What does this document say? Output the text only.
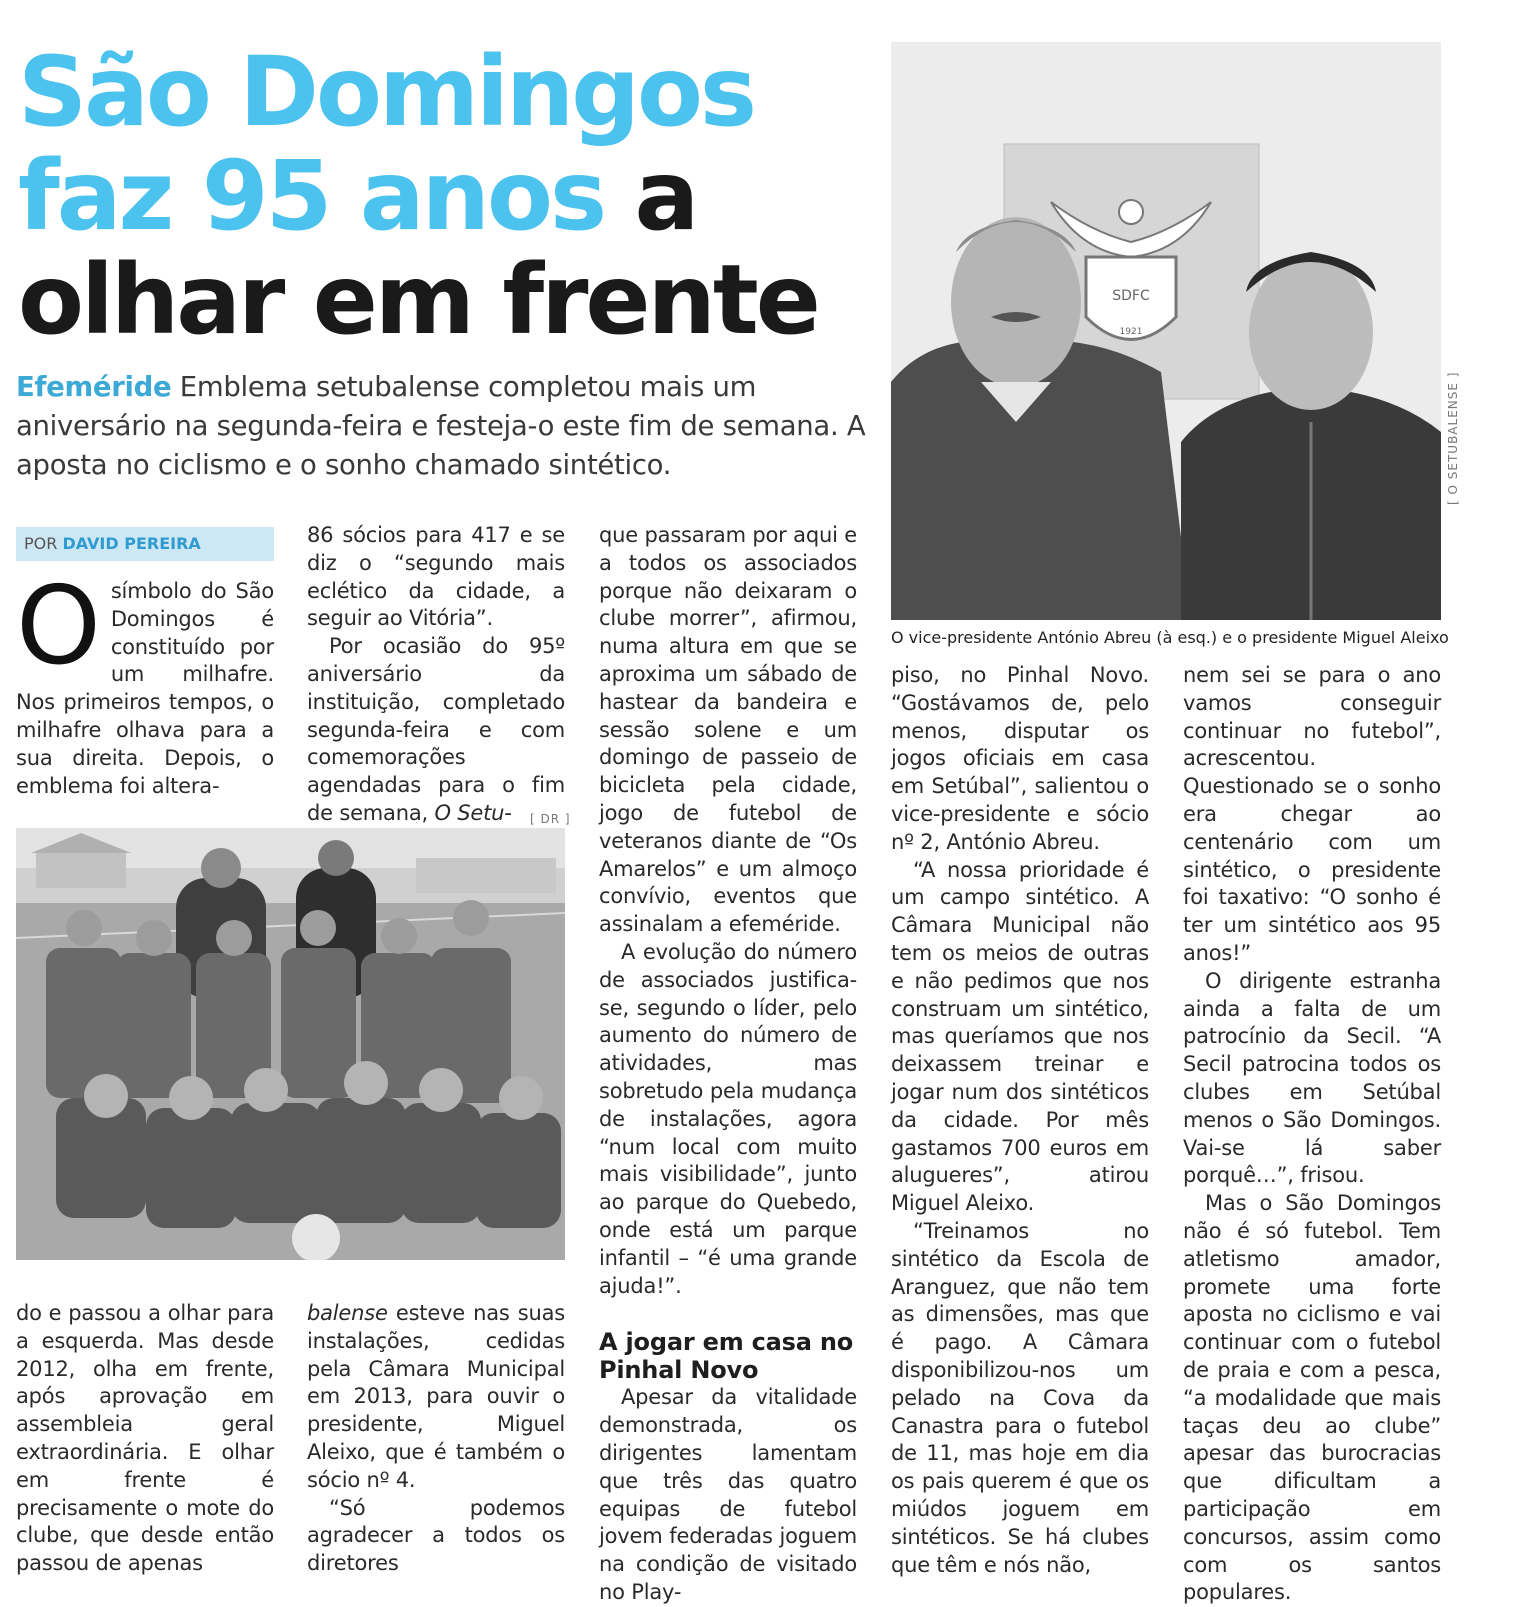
São Domingos
faz 95 anos a
olhar em frente

Efeméride Emblema setubalense completou mais um aniversário na segunda-feira e festeja-o este fim de semana. A aposta no ciclismo e o sonho chamado sintético.

POR DAVID PEREIRA

Osímbolo do São Domingos é constituído por um milhafre. Nos primeiros tempos, o milhafre olhava para a sua direita. Depois, o emblema foi altera-

86 sócios para 417 e se diz o “segundo mais eclético da cidade, a seguir ao Vitória”.

Por ocasião do 95º aniversário da instituição, completado segunda-feira e com comemorações agendadas para o fim de semana, O Setu-	[ DR ]

do e passou a olhar para a esquerda. Mas desde 2012, olha em frente, após aprovação em assembleia geral extraordinária. E olhar em frente é precisamente o mote do clube, que desde então passou de apenas

balense esteve nas suas instalações, cedidas pela Câmara Municipal em 2013, para ouvir o presidente, Miguel Aleixo, que é também o sócio nº 4.

“Só podemos agradecer a todos os diretores

que passaram por aqui e a todos os associados porque não deixaram o clube morrer”, afirmou, numa altura em que se aproxima um sábado de hastear da bandeira e sessão solene e um domingo de passeio de bicicleta pela cidade, jogo de futebol de veteranos diante de “Os Amarelos” e um almoço convívio, eventos que assinalam a efeméride.

A evolução do número de associados justifica-se, segundo o líder, pelo aumento do número de atividades, mas sobretudo pela mudança de instalações, agora “num local com muito mais visibilidade”, junto ao parque do Quebedo, onde está um parque infantil – “é uma grande ajuda!”.

A jogar em casa no Pinhal Novo

Apesar da vitalidade demonstrada, os dirigentes lamentam que três das quatro equipas de futebol jovem federadas joguem na condição de visitado no Play-

SDFC
1921
[ O SETUBALENSE ]
O vice-presidente António Abreu (à esq.) e o presidente Miguel Aleixo

piso, no Pinhal Novo. “Gostávamos de, pelo menos, disputar os jogos oficiais em casa em Setúbal”, salientou o vice-presidente e sócio nº 2, António Abreu.

“A nossa prioridade é um campo sintético. A Câmara Municipal não tem os meios de outras e não pedimos que nos construam um sintético, mas queríamos que nos deixassem treinar e jogar num dos sintéticos da cidade. Por mês gastamos 700 euros em alugueres”, atirou Miguel Aleixo.

“Treinamos no sintético da Escola de Aranguez, que não tem as dimensões, mas que é pago. A Câmara disponibilizou-nos um pelado na Cova da Canastra para o futebol de 11, mas hoje em dia os pais querem é que os miúdos joguem em sintéticos. Se há clubes que têm e nós não,

nem sei se para o ano vamos conseguir continuar no futebol”, acrescentou. Questionado se o sonho era chegar ao centenário com um sintético, o presidente foi taxativo: “O sonho é ter um sintético aos 95 anos!”

O dirigente estranha ainda a falta de um patrocínio da Secil. “A Secil patrocina todos os clubes em Setúbal menos o São Domingos. Vai-se lá saber porquê…”, frisou.

Mas o São Domingos não é só futebol. Tem atletismo amador, promete uma forte aposta no ciclismo e vai continuar com o futebol de praia e com a pesca, “a modalidade que mais taças deu ao clube” apesar das burocracias que dificultam a participação em concursos, assim como com os santos populares.
